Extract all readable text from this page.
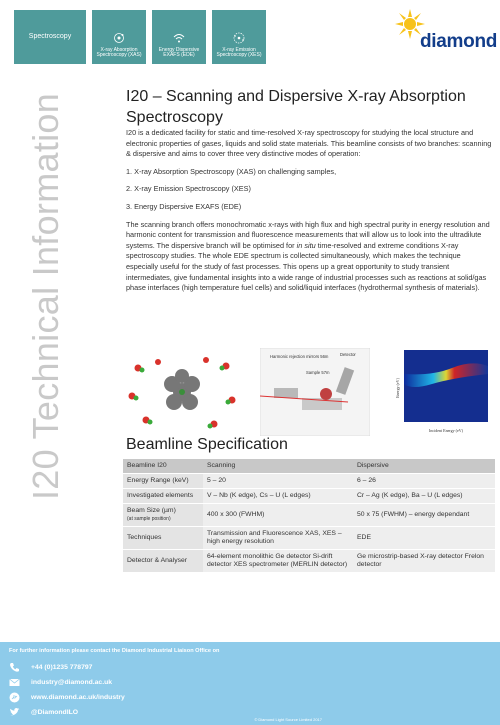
Spectroscopy
X-ray Absorption Spectroscopy (XAS)
Energy Dispersive EXAFS (EDE)
X-ray Emission Spectroscopy (XES)
diamond
I20 Technical Information	I20 – Scanning and Dispersive X-ray Absorption Spectroscopy

I20 is a dedicated facility for static and time-resolved X-ray spectroscopy for studying the local structure and electronic properties of gases, liquids and solid state materials. This beamline consists of two branches: scanning & dispersive and aims to cover three very distinctive modes of operation:

1. X-ray Absorption Spectroscopy (XAS) on challenging samples,

2. X-ray Emission Spectroscopy (XES)

3. Energy Dispersive EXAFS (EDE)

The scanning branch offers monochromatic x-rays with high flux and high spectral purity in energy resolution and harmonic content for transmission and fluorescence measurements that will allow us to look into the ultradilute systems. The dispersive branch will be optimised for in situ time-resolved and extreme conditions X-ray spectroscopy studies. The whole EDE spectrum is collected simultaneously, which makes the technique especially useful for the study of fast processes. This opens up a great opportunity to study transient intermediates, give fundamental insights into a wide range of industrial processes such as reactions at solid/gas phase interfaces (high temperature fuel cells) and solid/liquid interfaces (hydrothermal synthesis of materials).

Harmonic rejection mirrors 56m
Sample 57m
Detector
Energy (eV)
Incident Energy (eV)
Beamline Specification
Beamline I20	Scanning	Dispersive
Energy Range (keV)	5 – 20	6 – 26
Investigated elements	V – Nb (K edge), Cs – U (L edges)	Cr – Ag (K edge), Ba – U (L edges)
Beam Size (µm)
(at sample position)	400 x 300 (FWHM)	50 x 75 (FWHM) – energy dependant
Techniques	Transmission and Fluorescence XAS, XES – high energy resolution	EDE
Detector & Analyser	64-element monolithic Ge detector Si-drift detector XES spectrometer (MERLIN detector)	Ge microstrip-based X-ray detector Frelon detector
For further information please contact the Diamond Industrial Liaison Office on
+44 (0)1235 778797
industry@diamond.ac.uk
www.diamond.ac.uk/industry
@DiamondILO
© Diamond Light Source Limited 2017
